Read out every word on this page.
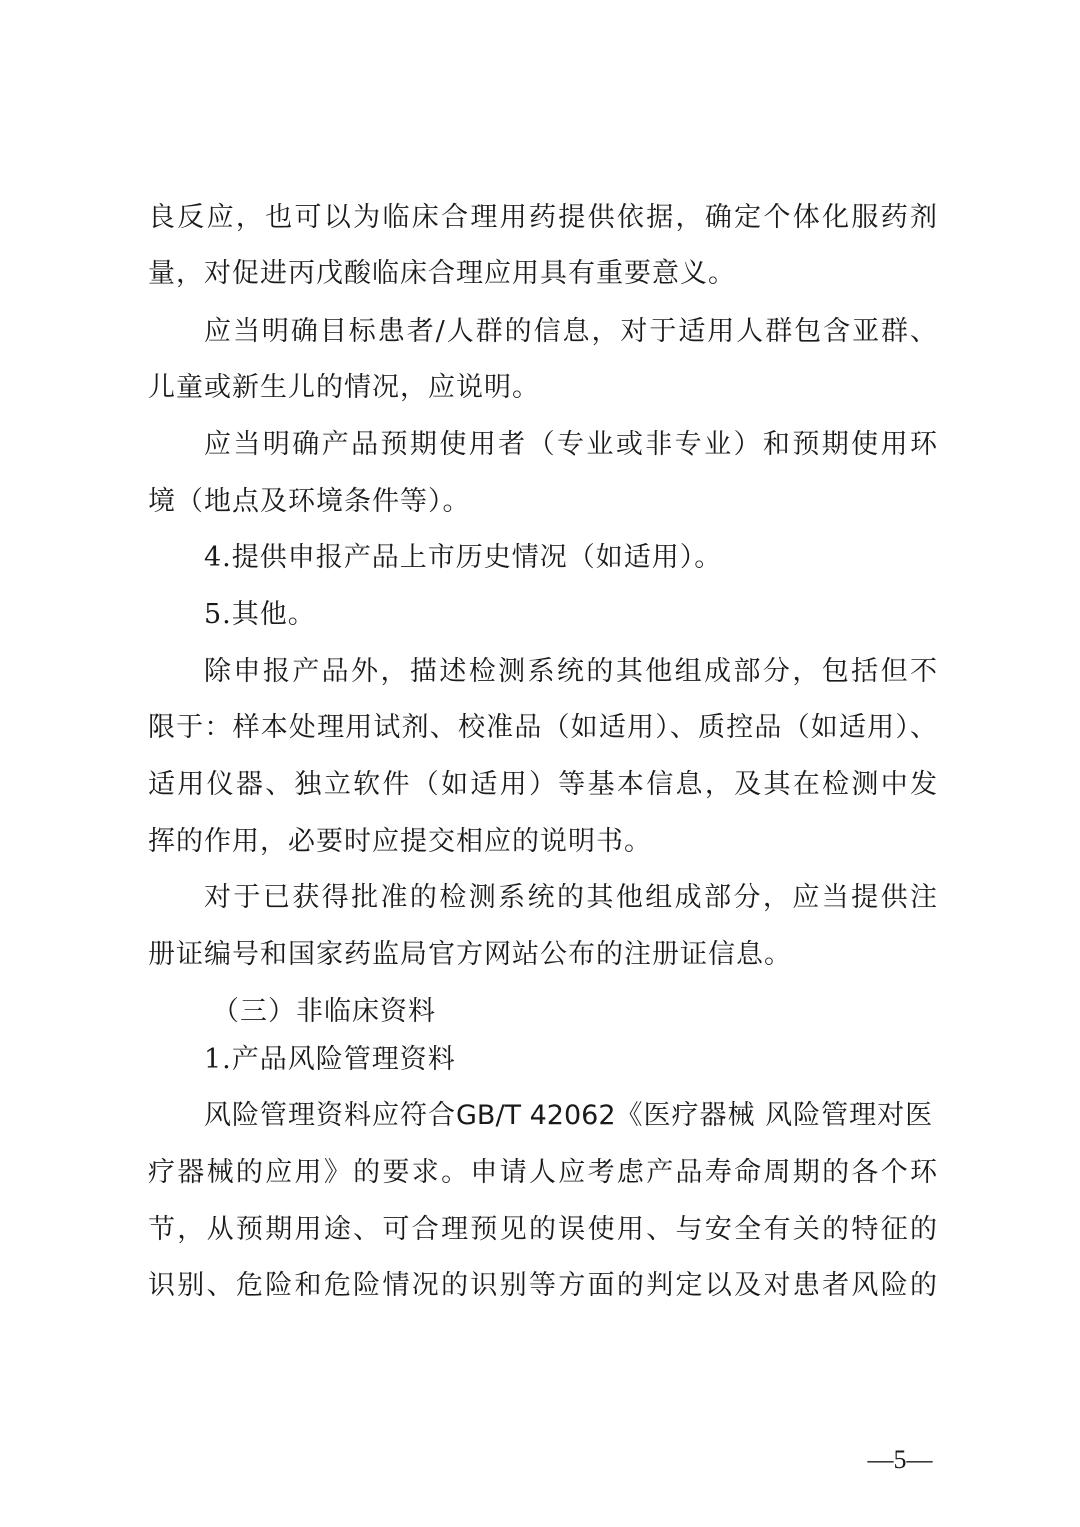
良反应，也可以为临床合理用药提供依据，确定个体化服药剂
量，对促进丙戊酸临床合理应用具有重要意义。
应当明确目标患者/人群的信息，对于适用人群包含亚群、
儿童或新生儿的情况，应说明。
应当明确产品预期使用者（专业或非专业）和预期使用环
境（地点及环境条件等）。
4.提供申报产品上市历史情况（如适用）。
5.其他。
除申报产品外，描述检测系统的其他组成部分，包括但不
限于：样本处理用试剂、校准品（如适用）、质控品（如适用）、
适用仪器、独立软件（如适用）等基本信息，及其在检测中发
挥的作用，必要时应提交相应的说明书。
对于已获得批准的检测系统的其他组成部分，应当提供注
册证编号和国家药监局官方网站公布的注册证信息。
（三）非临床资料
1.产品风险管理资料
风险管理资料应符合GB/T 42062《医疗器械 风险管理对医
疗器械的应用》的要求。申请人应考虑产品寿命周期的各个环
节，从预期用途、可合理预见的误使用、与安全有关的特征的
识别、危险和危险情况的识别等方面的判定以及对患者风险的
—5—
